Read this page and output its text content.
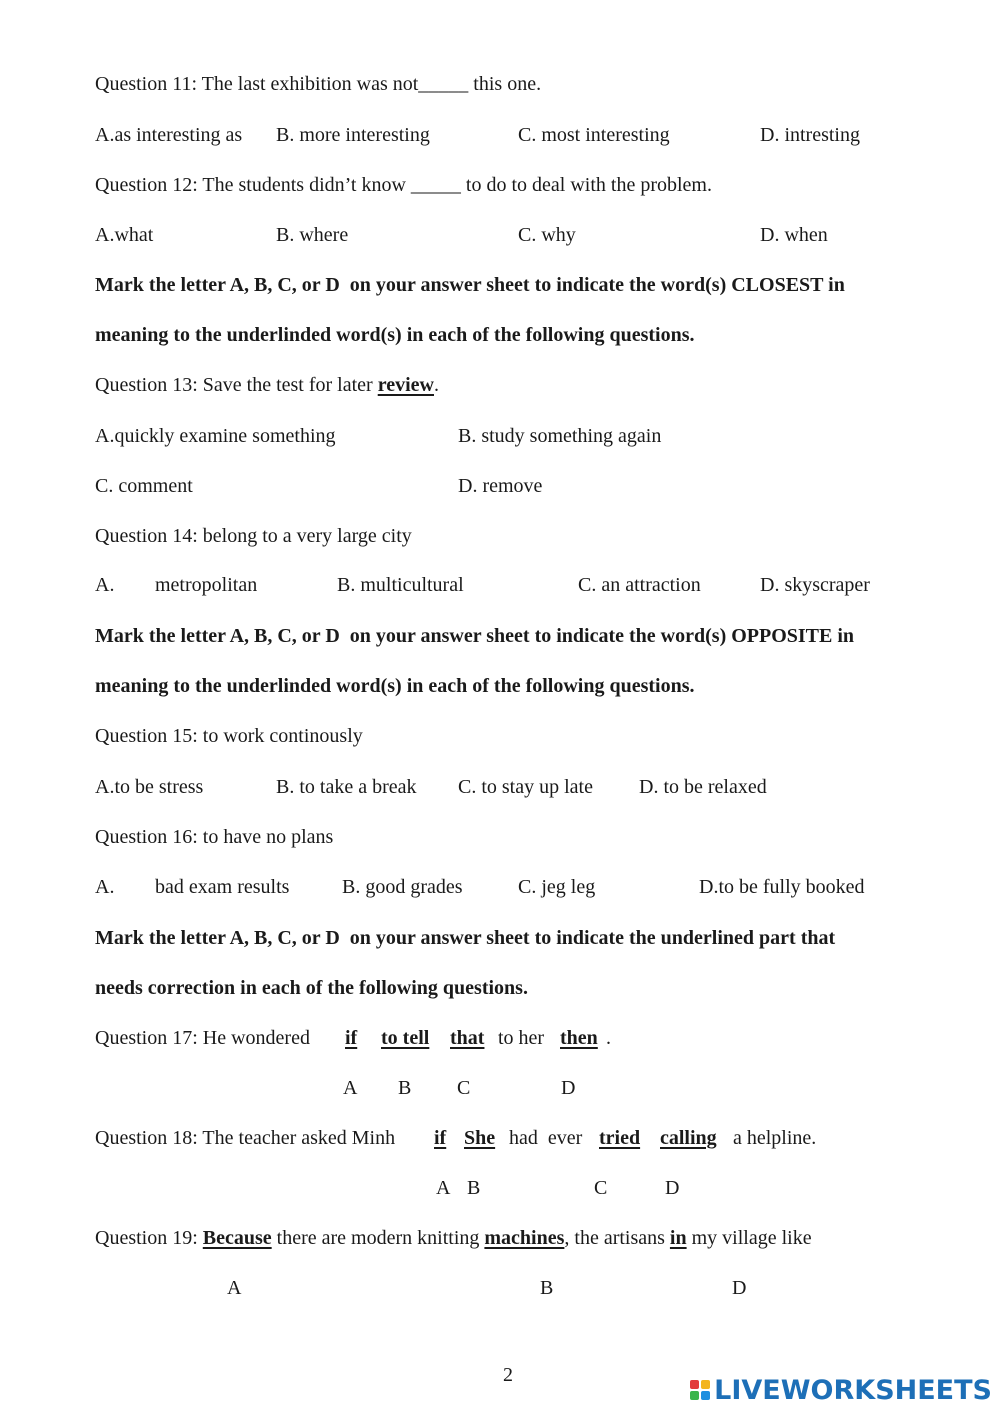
Question 11: The last exhibition was not_____ this one.
A.as interesting as B. more interesting	C. most interesting	D. intresting
Question 12: The students didn’t know _____ to do to deal with the problem.
A.what	B. where	C. why	D. when
Mark the letter A, B, C, or D  on your answer sheet to indicate the word(s) CLOSEST in
meaning to the underlinded word(s) in each of the following questions.
Question 13: Save the test for later review.
A.quickly examine something	B. study something again
C. comment	D. remove
Question 14: belong to a very large city
A. metropolitan	B. multicultural	C. an attraction	D. skyscraper
Mark the letter A, B, C, or D  on your answer sheet to indicate the word(s) OPPOSITE in
meaning to the underlinded word(s) in each of the following questions.
Question 15: to work continously
A.to be stress	B. to take a break C. to stay up late D. to be relaxed
Question 16: to have no plans
A. bad exam results	B. good grades	C. jeg leg	D.to be fully booked
Mark the letter A, B, C, or D  on your answer sheet to indicate the underlined part that
needs correction in each of the following questions.
Question 17: He wondered if to tell that to her then .
A B C	D
Question 18: The teacher asked Minh if She had  ever tried calling a helpline.
A B	C	D
Question 19: Because there are modern knitting machines, the artisans in my village like
A	B	D
2	LIVEWORKSHEETS
